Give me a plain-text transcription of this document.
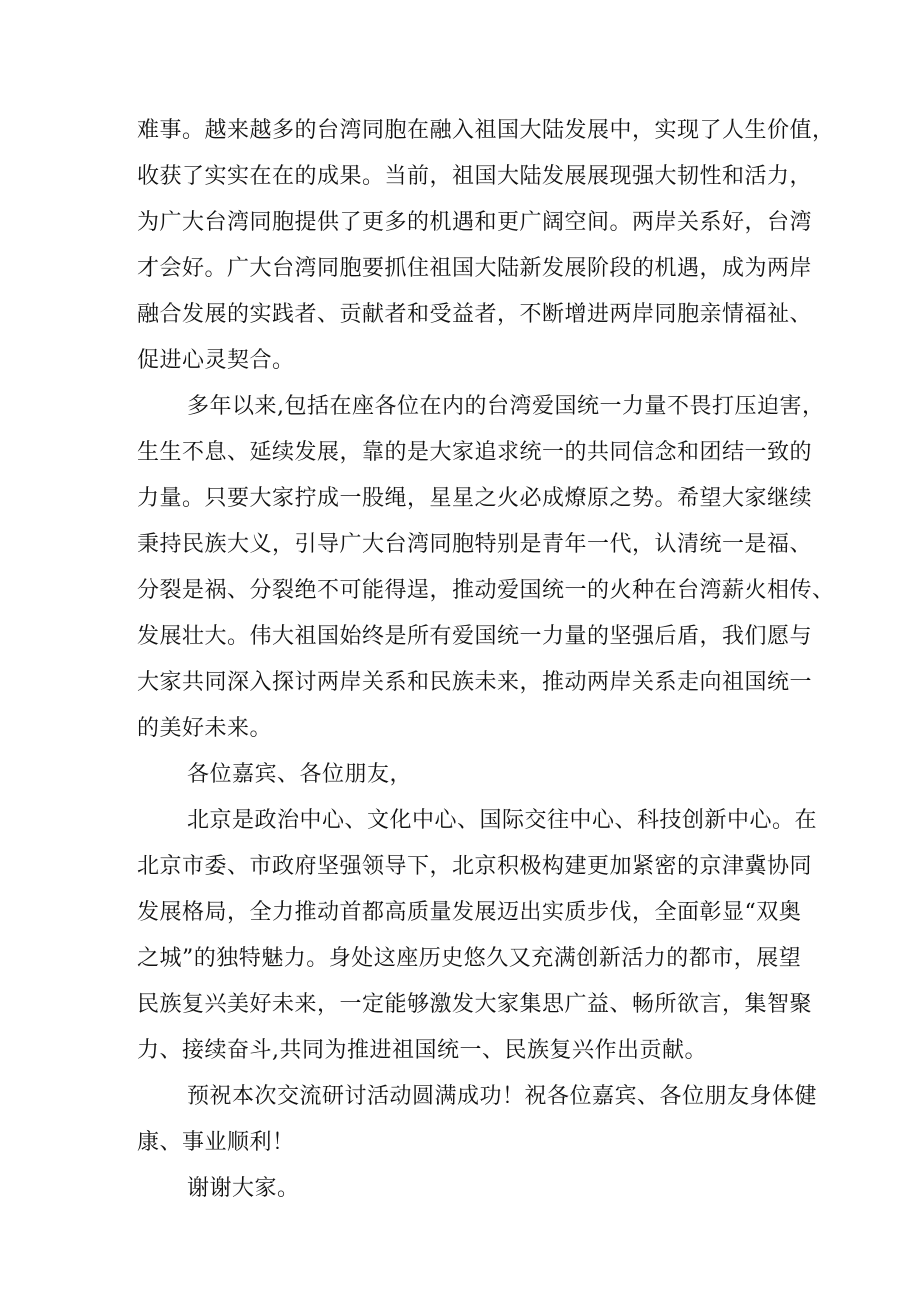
难事。越来越多的台湾同胞在融入祖国大陆发展中，实现了人生价值，
收获了实实在在的成果。当前，祖国大陆发展展现强大韧性和活力，
为广大台湾同胞提供了更多的机遇和更广阔空间。两岸关系好，台湾
才会好。广大台湾同胞要抓住祖国大陆新发展阶段的机遇，成为两岸
融合发展的实践者、贡献者和受益者，不断增进两岸同胞亲情福祉、
促进心灵契合。
多年以来,包括在座各位在内的台湾爱国统一力量不畏打压迫害，
生生不息、延续发展，靠的是大家追求统一的共同信念和团结一致的
力量。只要大家拧成一股绳，星星之火必成燎原之势。希望大家继续
秉持民族大义，引导广大台湾同胞特别是青年一代，认清统一是福、
分裂是祸、分裂绝不可能得逞，推动爱国统一的火种在台湾薪火相传、
发展壮大。伟大祖国始终是所有爱国统一力量的坚强后盾，我们愿与
大家共同深入探讨两岸关系和民族未来，推动两岸关系走向祖国统一
的美好未来。
各位嘉宾、各位朋友，
北京是政治中心、文化中心、国际交往中心、科技创新中心。在
北京市委、市政府坚强领导下，北京积极构建更加紧密的京津冀协同
发展格局，全力推动首都高质量发展迈出实质步伐，全面彰显“双奥
之城”的独特魅力。身处这座历史悠久又充满创新活力的都市，展望
民族复兴美好未来，一定能够激发大家集思广益、畅所欲言，集智聚
力、接续奋斗,共同为推进祖国统一、民族复兴作出贡献。
预祝本次交流研讨活动圆满成功！祝各位嘉宾、各位朋友身体健
康、事业顺利！
谢谢大家。
